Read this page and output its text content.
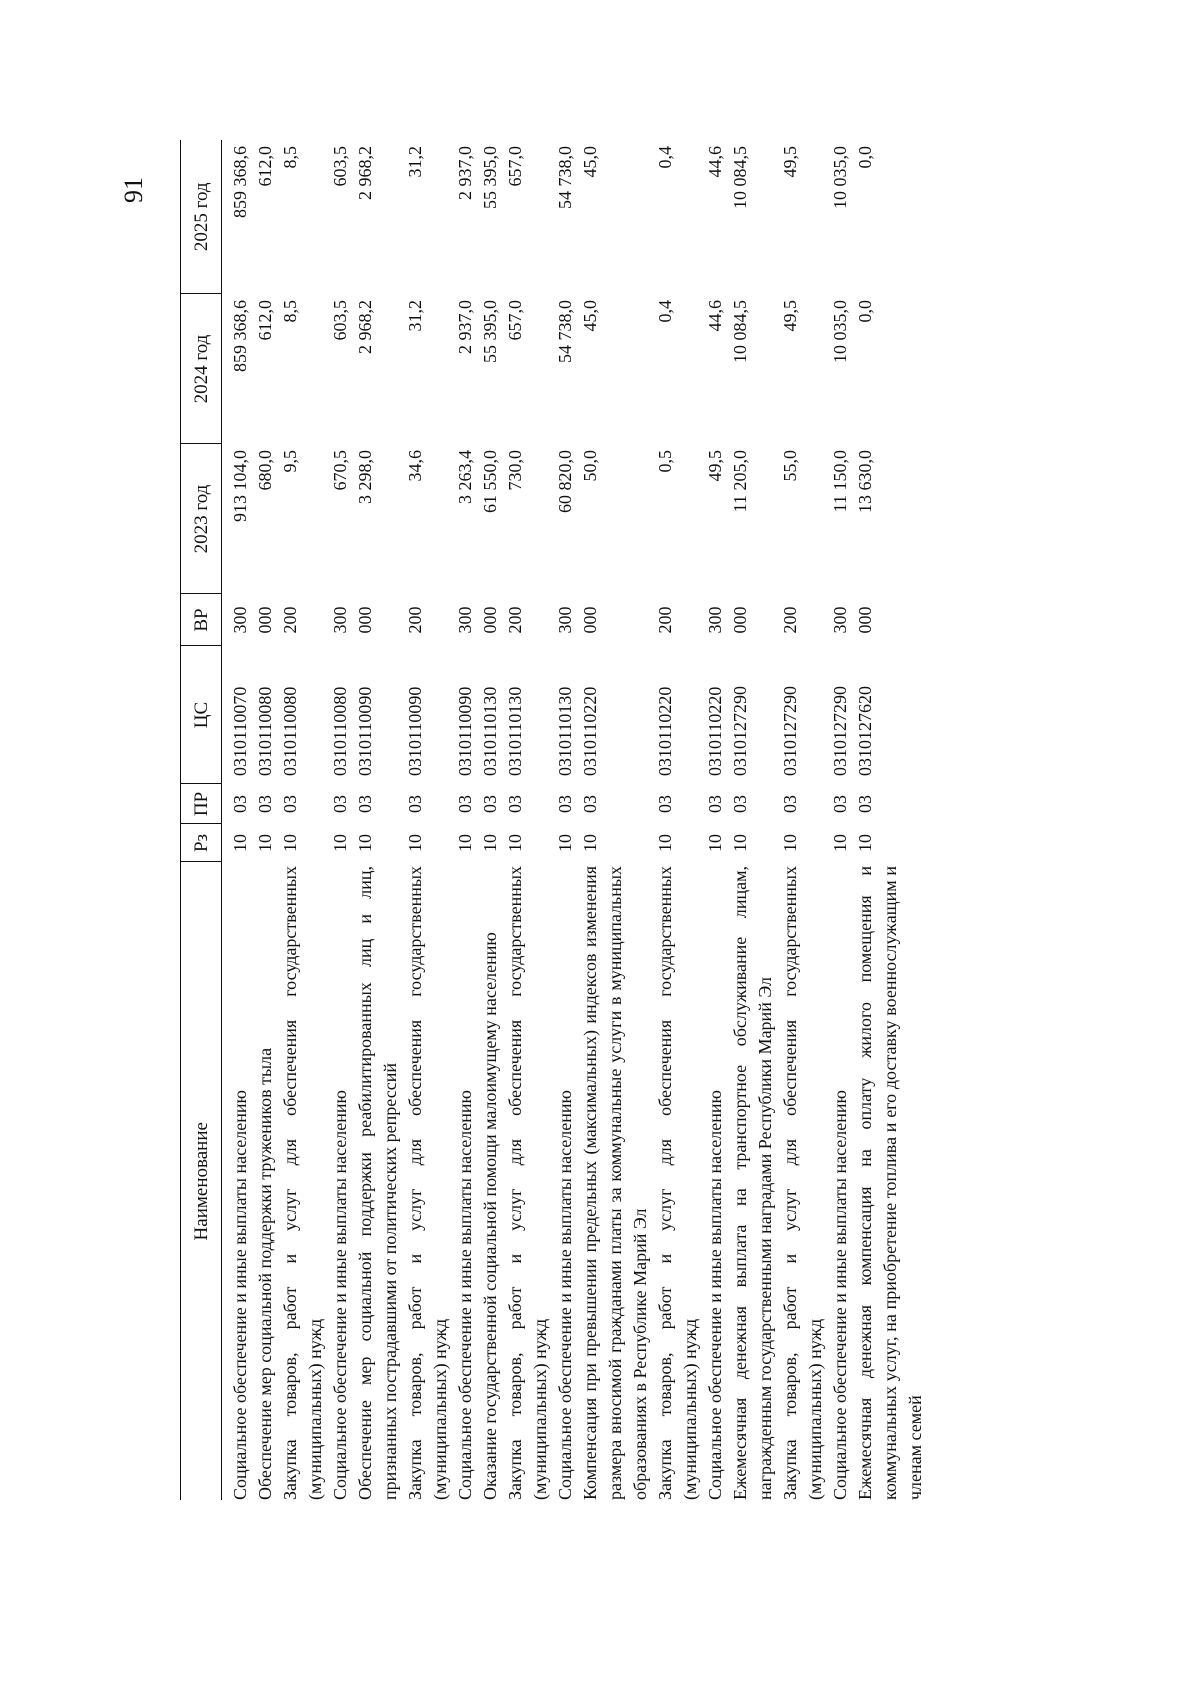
91
Наименование	Рз	ПР	ЦС	ВР	2023 год	2024 год	2025 год
Социальное обеспечение и иные выплаты населению	10	03	0310110070	300	913 104,0	859 368,6	859 368,6
Обеспечение мер социальной поддержки тружеников тыла	10	03	0310110080	000	680,0	612,0	612,0
Закупка товаров, работ и услуг для обеспечения государственных (муниципальных) нужд	10	03	0310110080	200	9,5	8,5	8,5
Социальное обеспечение и иные выплаты населению	10	03	0310110080	300	670,5	603,5	603,5
Обеспечение мер социальной поддержки реабилитированных лиц и лиц, признанных пострадавшими от политических репрессий	10	03	0310110090	000	3 298,0	2 968,2	2 968,2
Закупка товаров, работ и услуг для обеспечения государственных (муниципальных) нужд	10	03	0310110090	200	34,6	31,2	31,2
Социальное обеспечение и иные выплаты населению	10	03	0310110090	300	3 263,4	2 937,0	2 937,0
Оказание государственной социальной помощи малоимущему населению	10	03	0310110130	000	61 550,0	55 395,0	55 395,0
Закупка товаров, работ и услуг для обеспечения государственных (муниципальных) нужд	10	03	0310110130	200	730,0	657,0	657,0
Социальное обеспечение и иные выплаты населению	10	03	0310110130	300	60 820,0	54 738,0	54 738,0
Компенсация при превышении предельных (максимальных) индексов изменения размера вносимой гражданами платы за коммунальные услуги в муниципальных образованиях в Республике Марий Эл	10	03	0310110220	000	50,0	45,0	45,0
Закупка товаров, работ и услуг для обеспечения государственных (муниципальных) нужд	10	03	0310110220	200	0,5	0,4	0,4
Социальное обеспечение и иные выплаты населению	10	03	0310110220	300	49,5	44,6	44,6
Ежемесячная денежная выплата на транспортное обслуживание лицам, награжденным государственными наградами Республики Марий Эл	10	03	0310127290	000	11 205,0	10 084,5	10 084,5
Закупка товаров, работ и услуг для обеспечения государственных (муниципальных) нужд	10	03	0310127290	200	55,0	49,5	49,5
Социальное обеспечение и иные выплаты населению	10	03	0310127290	300	11 150,0	10 035,0	10 035,0
Ежемесячная денежная компенсация на оплату жилого помещения и коммунальных услуг, на приобретение топлива и его доставку военнослужащим и членам семей	10	03	0310127620	000	13 630,0	0,0	0,0
